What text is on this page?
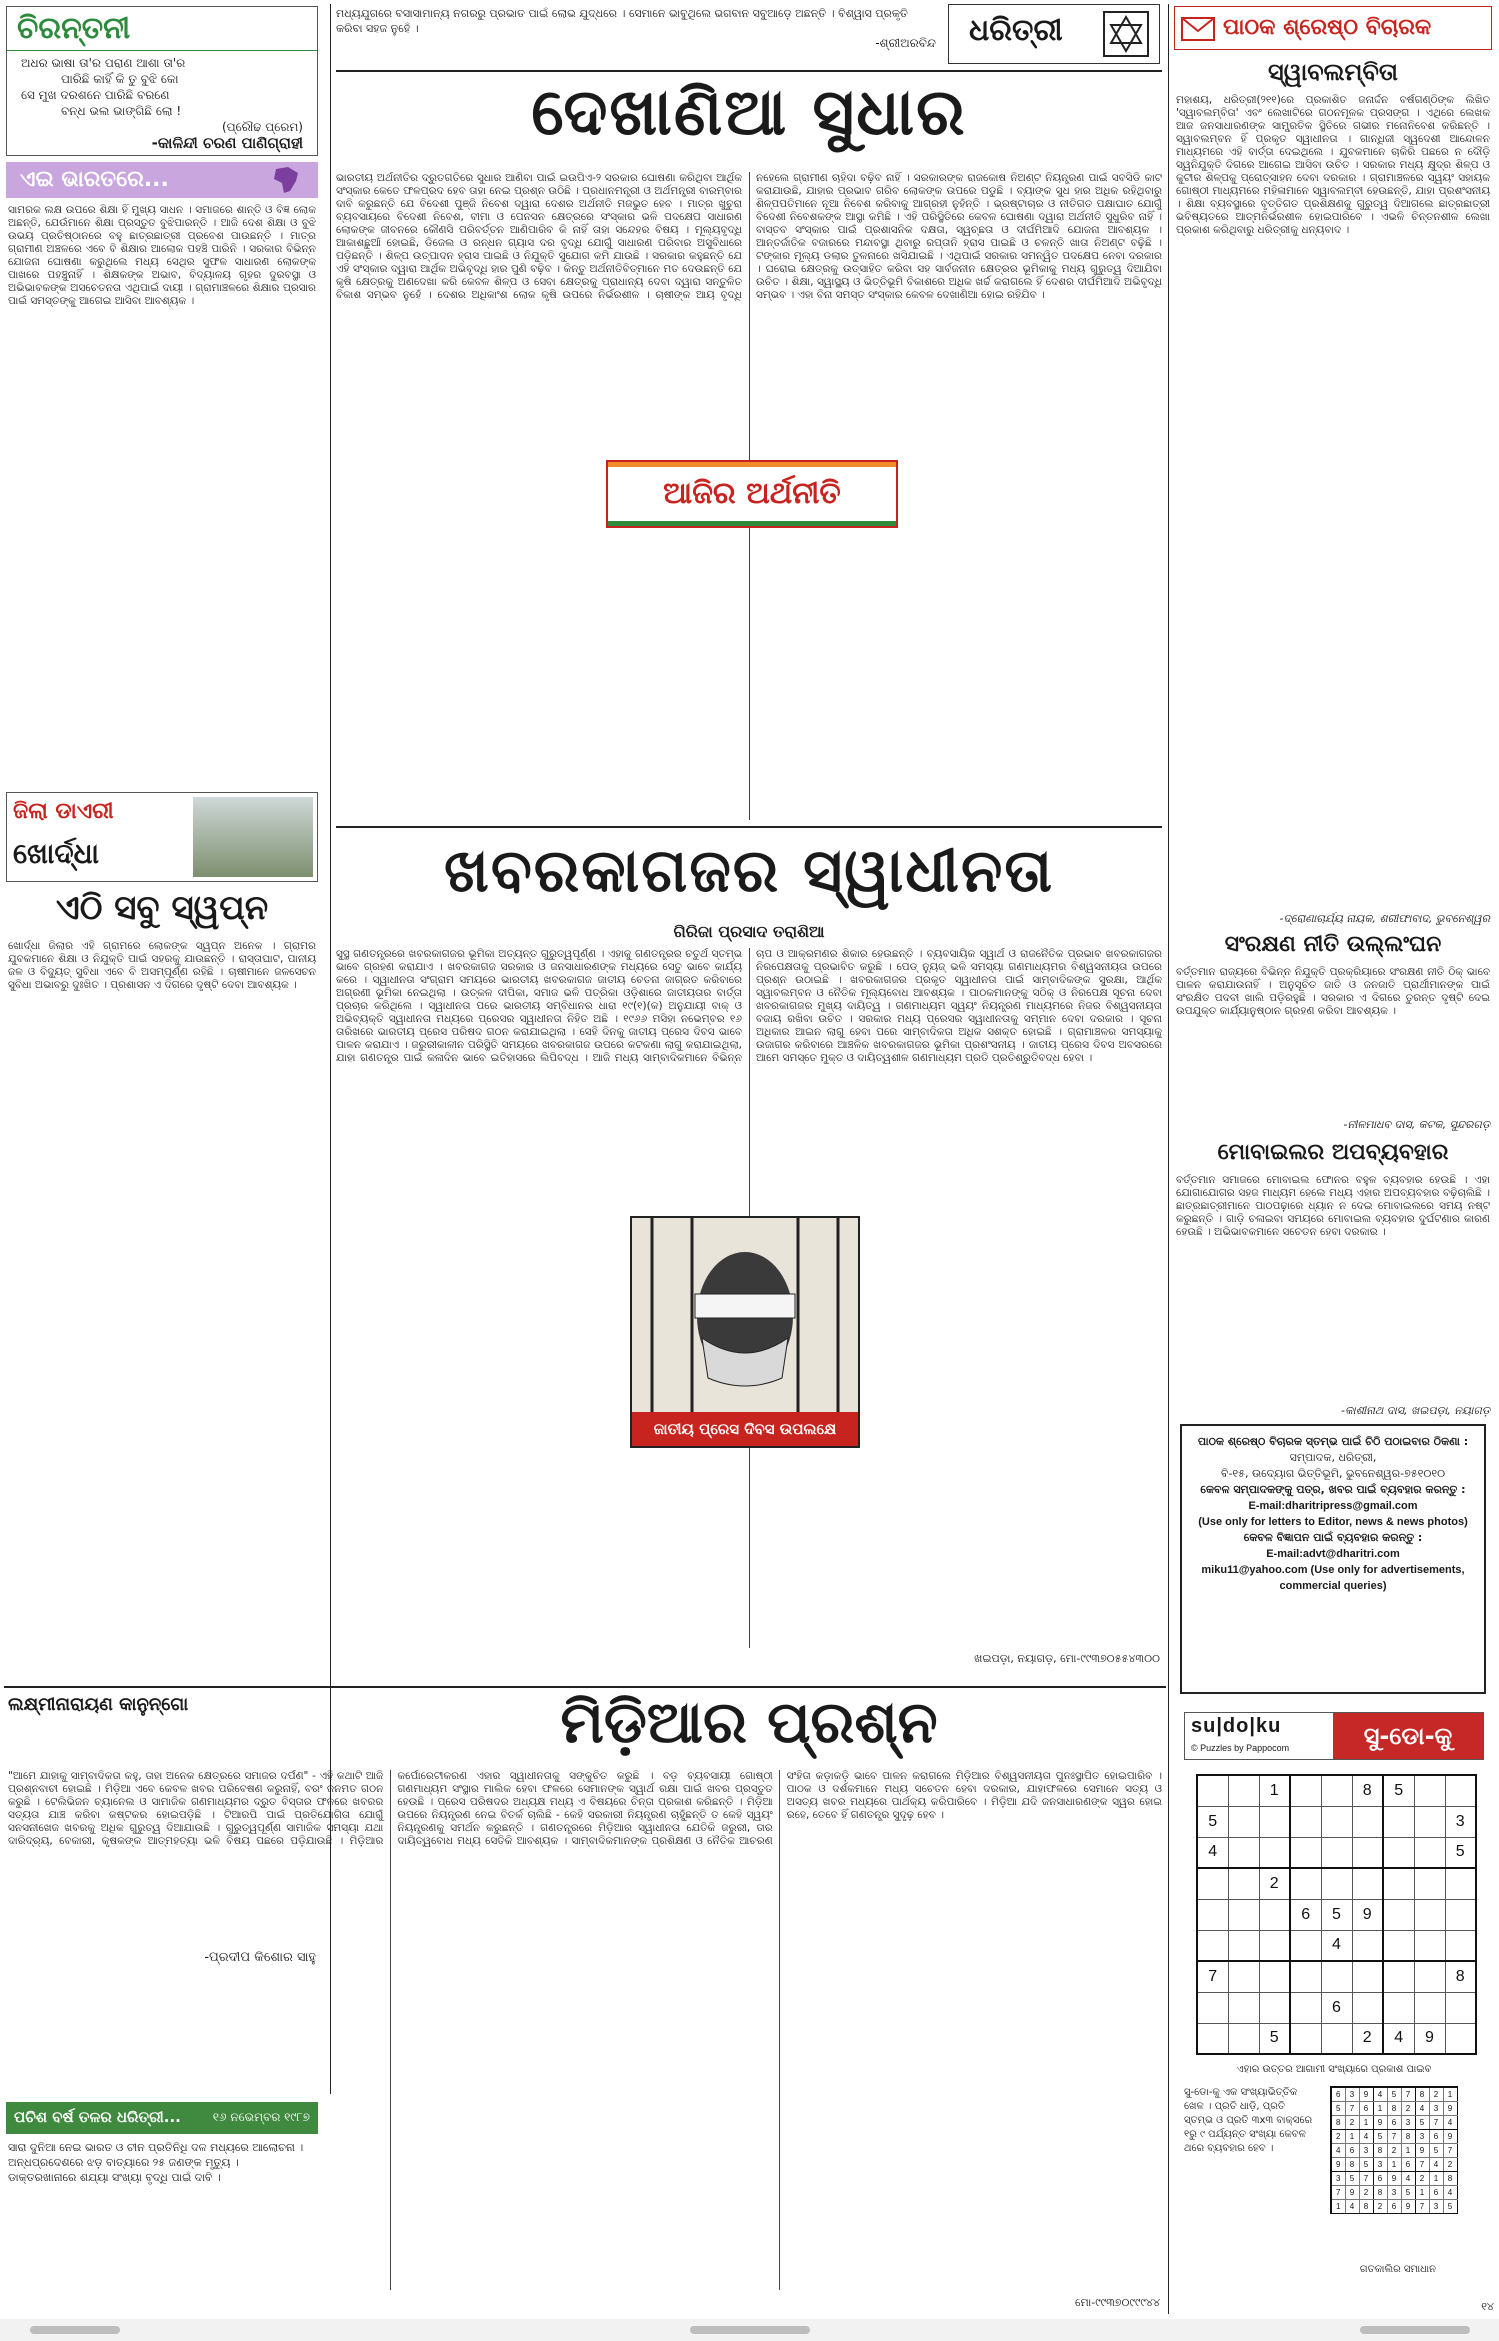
ଚିରନ୍ତନୀ
ଅଧର ଭାଷା ତା'ର ପରାଣ ଆଶା ତା'ର
ପାରିଛି କାହିଁ କି ତୁ ବୁଝି କୋ
ସେ ମୁଖ ଦରଶନେ ପାରିଛି ବରଣେ
ବନ୍ଧ ଭଲ ଭାଙ୍ଗିଛି ଲୋ !
(ପ୍ରୌଢ ପ୍ରେମ)
-କାଳିନ୍ଦୀ ଚରଣ ପାଣିଗ୍ରାହୀ
ଏଇ ଭାରତରେ...
ସାମରକ ଲକ୍ଷ ଉପରେ ଶିକ୍ଷା ହିଁ ମୁଖ୍ୟ ସାଧନ । ସମାଜରେ ଶାନ୍ତି ଓ ବିଜ୍ଞ ଲୋକ ଅଛନ୍ତି, ଯେଉଁମାନେ ଶିକ୍ଷା ପ୍ରସ୍ତୁତ ବୁଝିପାରନ୍ତି । ଆଜି ଦେଶ ଶିକ୍ଷା ଓ ବୁଝି ଉଭୟ ପ୍ରତିଷ୍ଠାନରେ ବହୁ ଛାତ୍ରଛାତ୍ରୀ ପ୍ରବେଶ ପାଉଛନ୍ତି । ମାତ୍ର ଗ୍ରାମୀଣ ଅଞ୍ଚଳରେ ଏବେ ବି ଶିକ୍ଷାର ଆଲୋକ ପହଞ୍ଚି ପାରିନି । ସରକାର ବିଭିନ୍ନ ଯୋଜନା ଘୋଷଣା କରୁଥିଲେ ମଧ୍ୟ ସେଥିର ସୁଫଳ ସାଧାରଣ ଲୋକଙ୍କ ପାଖରେ ପହଞ୍ଚୁନାହିଁ । ଶିକ୍ଷକଙ୍କ ଅଭାବ, ବିଦ୍ୟାଳୟ ଗୃହର ଦୁରବସ୍ଥା ଓ ଅଭିଭାବକଙ୍କ ଅସଚେତନତା ଏଥିପାଇଁ ଦାୟୀ । ଗ୍ରାମାଞ୍ଚଳରେ ଶିକ୍ଷାର ପ୍ରସାର ପାଇଁ ସମସ୍ତଙ୍କୁ ଆଗେଇ ଆସିବା ଆବଶ୍ୟକ ।
ଜିଲା ଡାଏରୀ
ଖୋର୍ଦ୍ଧା
ଏଠି ସବୁ ସ୍ୱପ୍ନ
ଖୋର୍ଦ୍ଧା ଜିଲାର ଏହି ଗ୍ରାମରେ ଲୋକଙ୍କ ସ୍ୱପ୍ନ ଅନେକ । ଗ୍ରାମର ଯୁବକମାନେ ଶିକ୍ଷା ଓ ନିଯୁକ୍ତି ପାଇଁ ସହରକୁ ଯାଉଛନ୍ତି । ରାସ୍ତାଘାଟ, ପାନୀୟ ଜଳ ଓ ବିଦ୍ୟୁତ୍ ସୁବିଧା ଏବେ ବି ଅସମ୍ପୂର୍ଣ୍ଣ ରହିଛି । ଚାଷୀମାନେ ଜଳସେଚନ ସୁବିଧା ଅଭାବରୁ ଦୁଃଖିତ । ପ୍ରଶାସନ ଏ ଦିଗରେ ଦୃଷ୍ଟି ଦେବା ଆବଶ୍ୟକ ।
-ପ୍ରଦୀପ କିଶୋର ସାହୁ
ପଚିଶ ବର୍ଷ ତଳର ଧରିତ୍ରୀ...	୧୬ ନଭେମ୍ବର ୧୯୮୭
ସାରା ଦୁନିଆ ନେଇ ଭାରତ ଓ ଚୀନ ପ୍ରତିନିଧି ଦଳ ମଧ୍ୟରେ ଆଲୋଚନା ।
ଅନ୍ଧପ୍ରଦେଶରେ ଝଡ଼ ବାତ୍ୟାରେ ୨୫ ଜଣଙ୍କ ମୃତ୍ୟୁ ।
ଡାକ୍ତରଖାନାରେ ଶଯ୍ୟା ସଂଖ୍ୟା ବୃଦ୍ଧି ପାଇଁ ଦାବି ।
ମଧ୍ୟଯୁଗରେ ବସାସାମାନ୍ୟ ନଗରରୁ ପ୍ରଭାତ ପାଇଁ ଲୋଭ ଯୁଦ୍ଧରେ । ସେମାନେ ଭାବୁଥିଲେ ଭଗବାନ ସବୁଆଡ଼େ ଅଛନ୍ତି । ବିଶ୍ୱାସ ପ୍ରକୃତି କରିବା ସହଜ ନୁହେଁ ।
-ଶ୍ରୀଅରବିନ୍ଦ ଧରିତ୍ରୀ
ଦେଖାଣିଆ ସୁଧାର
ଭାରତୀୟ ଅର୍ଥନୀତିର ଦ୍ରୁତଗତିରେ ସୁଧାର ଆଣିବା ପାଇଁ ଇଉପିଏ-୨ ସରକାର ଘୋଷଣା କରିଥିବା ଆର୍ଥିକ ସଂସ୍କାର କେତେ ଫଳପ୍ରଦ ହେବ ତାହା ନେଇ ପ୍ରଶ୍ନ ଉଠିଛି । ପ୍ରଧାନମନ୍ତ୍ରୀ ଓ ଅର୍ଥମନ୍ତ୍ରୀ ବାରମ୍ବାର ଦାବି କରୁଛନ୍ତି ଯେ ବିଦେଶୀ ପୁଞ୍ଜି ନିବେଶ ଦ୍ୱାରା ଦେଶର ଅର୍ଥନୀତି ମଜଭୁତ ହେବ । ମାତ୍ର ଖୁଚୁରା ବ୍ୟବସାୟରେ ବିଦେଶୀ ନିବେଶ, ବୀମା ଓ ପେନସନ କ୍ଷେତ୍ରରେ ସଂସ୍କାର ଭଳି ପଦକ୍ଷେପ ସାଧାରଣ ଲୋକଙ୍କ ଜୀବନରେ କୌଣସି ପରିବର୍ତ୍ତନ ଆଣିପାରିବ କି ନାହିଁ ତାହା ସନ୍ଦେହର ବିଷୟ । ମୂଲ୍ୟବୃଦ୍ଧି ଆକାଶଛୁଆଁ ହୋଇଛି, ଡିଜେଲ ଓ ରନ୍ଧନ ଗ୍ୟାସ ଦର ବୃଦ୍ଧି ଯୋଗୁଁ ସାଧାରଣ ପରିବାର ଅସୁବିଧାରେ ପଡ଼ିଛନ୍ତି । ଶିଳ୍ପ ଉତ୍ପାଦନ ହ୍ରାସ ପାଇଛି ଓ ନିଯୁକ୍ତି ସୁଯୋଗ କମି ଯାଉଛି । ସରକାର କହୁଛନ୍ତି ଯେ ଏହି ସଂସ୍କାର ଦ୍ୱାରା ଆର୍ଥିକ ଅଭିବୃଦ୍ଧି ହାର ପୁଣି ବଢ଼ିବ । କିନ୍ତୁ ଅର୍ଥନୀତିବିତ୍‌ମାନେ ମତ ଦେଉଛନ୍ତି ଯେ କୃଷି କ୍ଷେତ୍ରକୁ ଅଣଦେଖା କରି କେବଳ ଶିଳ୍ପ ଓ ସେବା କ୍ଷେତ୍ରକୁ ପ୍ରାଧାନ୍ୟ ଦେବା ଦ୍ୱାରା ସନ୍ତୁଳିତ ବିକାଶ ସମ୍ଭବ ନୁହେଁ । ଦେଶର ଅଧିକାଂଶ ଲୋକ କୃଷି ଉପରେ ନିର୍ଭରଶୀଳ । ଚାଷୀଙ୍କ ଆୟ ବୃଦ୍ଧି ନହେଲେ ଗ୍ରାମୀଣ ଚାହିଦା ବଢ଼ିବ ନାହିଁ । ସରକାରଙ୍କ ରାଜକୋଷ ନିଅଣ୍ଟ ନିୟନ୍ତ୍ରଣ ପାଇଁ ସବସିଡି କାଟ କରାଯାଉଛି, ଯାହାର ପ୍ରଭାବ ଗରିବ ଲୋକଙ୍କ ଉପରେ ପଡୁଛି । ବ୍ୟାଙ୍କ ସୁଧ ହାର ଅଧିକ ରହିଥିବାରୁ ଶିଳ୍ପପତିମାନେ ନୂଆ ନିବେଶ କରିବାକୁ ଆଗ୍ରହୀ ନୁହଁନ୍ତି । ଭ୍ରଷ୍ଟାଚାର ଓ ନୀତିଗତ ପକ୍ଷାଘାତ ଯୋଗୁଁ ବିଦେଶୀ ନିବେଶକଙ୍କ ଆସ୍ଥା କମିଛି । ଏହି ପରିସ୍ଥିତିରେ କେବଳ ଘୋଷଣା ଦ୍ୱାରା ଅର୍ଥନୀତି ସୁଧୁରିବ ନାହିଁ । ବାସ୍ତବ ସଂସ୍କାର ପାଇଁ ପ୍ରଶାସନିକ ଦକ୍ଷତା, ସ୍ୱଚ୍ଛତା ଓ ଦୀର୍ଘମିଆଦି ଯୋଜନା ଆବଶ୍ୟକ । ଆନ୍ତର୍ଜାତିକ ବଜାରରେ ମନ୍ଦାବସ୍ଥା ଥିବାରୁ ରପ୍ତାନି ହ୍ରାସ ପାଇଛି ଓ ଚଳନ୍ତି ଖାତା ନିଅଣ୍ଟ ବଢ଼ିଛି । ଟଙ୍କାର ମୂଲ୍ୟ ଡଲାର ତୁଳନାରେ ଖସିଯାଇଛି । ଏଥିପାଇଁ ସରକାର ସମନ୍ୱିତ ପଦକ୍ଷେପ ନେବା ଦରକାର । ଘରୋଇ କ୍ଷେତ୍ରକୁ ଉତ୍ସାହିତ କରିବା ସହ ସାର୍ବଜନୀନ କ୍ଷେତ୍ରର ଭୂମିକାକୁ ମଧ୍ୟ ଗୁରୁତ୍ୱ ଦିଆଯିବା ଉଚିତ । ଶିକ୍ଷା, ସ୍ୱାସ୍ଥ୍ୟ ଓ ଭିତ୍ତିଭୂମି ବିକାଶରେ ଅଧିକ ଖର୍ଚ୍ଚ କରାଗଲେ ହିଁ ଦେଶର ଦୀର୍ଘମିଆଦି ଅଭିବୃଦ୍ଧି ସମ୍ଭବ । ଏହା ବିନା ସମସ୍ତ ସଂସ୍କାର କେବଳ ଦେଖାଣିଆ ହୋଇ ରହିଯିବ ।
ଆଜିର ଅର୍ଥନୀତି
ଖବରକାଗଜର ସ୍ୱାଧୀନତା
ଗିରିଜା ପ୍ରସାଦ ତରାଶିଆ
ସୁସ୍ଥ ଗଣତନ୍ତ୍ରରେ ଖବରକାଗଜର ଭୂମିକା ଅତ୍ୟନ୍ତ ଗୁରୁତ୍ୱପୂର୍ଣ୍ଣ । ଏହାକୁ ଗଣତନ୍ତ୍ରର ଚତୁର୍ଥ ସ୍ତମ୍ଭ ଭାବେ ଗ୍ରହଣ କରାଯାଏ । ଖବରକାଗଜ ସରକାର ଓ ଜନସାଧାରଣଙ୍କ ମଧ୍ୟରେ ସେତୁ ଭାବେ କାର୍ଯ୍ୟ କରେ । ସ୍ୱାଧୀନତା ସଂଗ୍ରାମ ସମୟରେ ଭାରତୀୟ ଖବରକାଗଜ ଜାତୀୟ ଚେତନା ଜାଗ୍ରତ କରିବାରେ ଅଗ୍ରଣୀ ଭୂମିକା ନେଇଥିଲା । ଉତ୍କଳ ଦୀପିକା, ସମାଜ ଭଳି ପତ୍ରିକା ଓଡ଼ିଶାରେ ଜାତୀୟତାର ବାର୍ତ୍ତା ପ୍ରଚାର କରିଥିଲେ । ସ୍ୱାଧୀନତା ପରେ ଭାରତୀୟ ସମ୍ବିଧାନର ଧାରା ୧୯(୧)(କ) ଅନୁଯାୟୀ ବାକ୍ ଓ ଅଭିବ୍ୟକ୍ତି ସ୍ୱାଧୀନତା ମଧ୍ୟରେ ପ୍ରେସର ସ୍ୱାଧୀନତା ନିହିତ ଅଛି । ୧୯୬୬ ମସିହା ନଭେମ୍ବର ୧୬ ତାରିଖରେ ଭାରତୀୟ ପ୍ରେସ ପରିଷଦ ଗଠନ କରାଯାଇଥିଲା । ସେହି ଦିନକୁ ଜାତୀୟ ପ୍ରେସ ଦିବସ ଭାବେ ପାଳନ କରାଯାଏ । ଜରୁରୀକାଳୀନ ପରିସ୍ଥିତି ସମୟରେ ଖବରକାଗଜ ଉପରେ କଟକଣା ଲାଗୁ କରାଯାଇଥିଲା, ଯାହା ଗଣତନ୍ତ୍ର ପାଇଁ କଳାଦିନ ଭାବେ ଇତିହାସରେ ଲିପିବଦ୍ଧ । ଆଜି ମଧ୍ୟ ସାମ୍ବାଦିକମାନେ ବିଭିନ୍ନ ଚାପ ଓ ଆକ୍ରମଣର ଶିକାର ହେଉଛନ୍ତି । ବ୍ୟବସାୟିକ ସ୍ୱାର୍ଥ ଓ ରାଜନୈତିକ ପ୍ରଭାବ ଖବରକାଗଜର ନିରପେକ୍ଷତାକୁ ପ୍ରଭାବିତ କରୁଛି । ପେଡ୍ ନ୍ୟୁଜ୍ ଭଳି ସମସ୍ୟା ଗଣମାଧ୍ୟମର ବିଶ୍ୱସନୀୟତା ଉପରେ ପ୍ରଶ୍ନ ଉଠାଇଛି । ଖବରକାଗଜର ପ୍ରକୃତ ସ୍ୱାଧୀନତା ପାଇଁ ସାମ୍ବାଦିକଙ୍କ ସୁରକ୍ଷା, ଆର୍ଥିକ ସ୍ୱାବଲମ୍ବନ ଓ ନୈତିକ ମୂଲ୍ୟବୋଧ ଆବଶ୍ୟକ । ପାଠକମାନଙ୍କୁ ସଠିକ୍ ଓ ନିରପେକ୍ଷ ସୂଚନା ଦେବା ଖବରକାଗଜର ମୁଖ୍ୟ ଦାୟିତ୍ୱ । ଗଣମାଧ୍ୟମ ସ୍ୱୟଂ ନିୟନ୍ତ୍ରଣ ମାଧ୍ୟମରେ ନିଜର ବିଶ୍ୱସନୀୟତା ବଜାୟ ରଖିବା ଉଚିତ । ସରକାର ମଧ୍ୟ ପ୍ରେସର ସ୍ୱାଧୀନତାକୁ ସମ୍ମାନ ଦେବା ଦରକାର । ସୂଚନା ଅଧିକାର ଆଇନ ଲାଗୁ ହେବା ପରେ ସାମ୍ବାଦିକତା ଅଧିକ ସଶକ୍ତ ହୋଇଛି । ଗ୍ରାମାଞ୍ଚଳର ସମସ୍ୟାକୁ ଉଜାଗର କରିବାରେ ଆଞ୍ଚଳିକ ଖବରକାଗଜର ଭୂମିକା ପ୍ରଶଂସନୀୟ । ଜାତୀୟ ପ୍ରେସ ଦିବସ ଅବସରରେ ଆମେ ସମସ୍ତେ ମୁକ୍ତ ଓ ଦାୟିତ୍ୱଶୀଳ ଗଣମାଧ୍ୟମ ପ୍ରତି ପ୍ରତିଶ୍ରୁତିବଦ୍ଧ ହେବା ।
ଜାତୀୟ ପ୍ରେସ ଦିବସ ଉପଲକ୍ଷେ
ଖଇପଡ଼ା, ନୟାଗଡ଼, ମୋ-୯୯୩୭୦୫୫୪୩୦୦
ଲକ୍ଷ୍ମୀନାରାୟଣ କାନୁନ୍‌ଗୋ	ମିଡ଼ିଆର ପ୍ରଶ୍ନ
"ଆମେ ଯାହାକୁ ସାମ୍ବାଦିକତା କହୁ, ତାହା ଅନେକ କ୍ଷେତ୍ରରେ ସମାଜର ଦର୍ପଣ" - ଏହି କଥାଟି ଆଜି ପ୍ରଶ୍ନବାଚୀ ହୋଇଛି । ମିଡ଼ିଆ ଏବେ କେବଳ ଖବର ପରିବେଷଣ କରୁନାହିଁ, ବରଂ ଜନମତ ଗଠନ କରୁଛି । ଟେଲିଭିଜନ ଚ୍ୟାନେଲ ଓ ସାମାଜିକ ଗଣମାଧ୍ୟମର ଦ୍ରୁତ ବିସ୍ତାର ଫଳରେ ଖବରର ସତ୍ୟତା ଯାଞ୍ଚ କରିବା କଷ୍ଟକର ହୋଇପଡ଼ିଛି । ଟିଆରପି ପାଇଁ ପ୍ରତିଯୋଗିତା ଯୋଗୁଁ ସନସନୀଖେଜ ଖବରକୁ ଅଧିକ ଗୁରୁତ୍ୱ ଦିଆଯାଉଛି । ଗୁରୁତ୍ୱପୂର୍ଣ୍ଣ ସାମାଜିକ ସମସ୍ୟା ଯଥା ଦାରିଦ୍ର୍ୟ, ବେକାରୀ, କୃଷକଙ୍କ ଆତ୍ମହତ୍ୟା ଭଳି ବିଷୟ ପଛରେ ପଡ଼ିଯାଉଛି । ମିଡ଼ିଆର କର୍ପୋରେଟୀକରଣ ଏହାର ସ୍ୱାଧୀନତାକୁ ସଙ୍କୁଚିତ କରୁଛି । ବଡ଼ ବ୍ୟବସାୟୀ ଗୋଷ୍ଠୀ ଗଣମାଧ୍ୟମ ସଂସ୍ଥାର ମାଲିକ ହେବା ଫଳରେ ସେମାନଙ୍କ ସ୍ୱାର୍ଥ ରକ୍ଷା ପାଇଁ ଖବର ପ୍ରସ୍ତୁତ ହେଉଛି । ପ୍ରେସ ପରିଷଦର ଅଧ୍ୟକ୍ଷ ମଧ୍ୟ ଏ ବିଷୟରେ ଚିନ୍ତା ପ୍ରକାଶ କରିଛନ୍ତି । ମିଡ଼ିଆ ଉପରେ ନିୟନ୍ତ୍ରଣ ନେଇ ବିତର୍କ ଚାଲିଛି - କେହି ସରକାରୀ ନିୟନ୍ତ୍ରଣ ଚାହୁଁଛନ୍ତି ତ କେହି ସ୍ୱୟଂ ନିୟନ୍ତ୍ରଣକୁ ସମର୍ଥନ କରୁଛନ୍ତି । ଗଣତନ୍ତ୍ରରେ ମିଡ଼ିଆର ସ୍ୱାଧୀନତା ଯେତିକି ଜରୁରୀ, ତାର ଦାୟିତ୍ୱବୋଧ ମଧ୍ୟ ସେତିକି ଆବଶ୍ୟକ । ସାମ୍ବାଦିକମାନଙ୍କ ପ୍ରଶିକ୍ଷଣ ଓ ନୈତିକ ଆଚରଣ ସଂହିତା କଡ଼ାକଡ଼ି ଭାବେ ପାଳନ କରାଗଲେ ମିଡ଼ିଆର ବିଶ୍ୱସନୀୟତା ପୁନଃସ୍ଥାପିତ ହୋଇପାରିବ । ପାଠକ ଓ ଦର୍ଶକମାନେ ମଧ୍ୟ ସଚେତନ ହେବା ଦରକାର, ଯାହାଫଳରେ ସେମାନେ ସତ୍ୟ ଓ ଅସତ୍ୟ ଖବର ମଧ୍ୟରେ ପାର୍ଥକ୍ୟ କରିପାରିବେ । ମିଡ଼ିଆ ଯଦି ଜନସାଧାରଣଙ୍କ ସ୍ୱର ହୋଇ ରହେ, ତେବେ ହିଁ ଗଣତନ୍ତ୍ର ସୁଦୃଢ଼ ହେବ ।
ମୋ-୯୯୩୭୦୯୯୯୪୪
ପାଠକ ଶ୍ରେଷ୍ଠ ବିଚାରକ
ସ୍ୱାବଲମ୍ବିତା
ମହାଶୟ, ଧରିତ୍ରୀ(୨୧୧)ରେ ପ୍ରକାଶିତ ଜନାର୍ଦ୍ଦନ ବର୍ଷଗଣ୍ଠିଙ୍କ ଲିଖିତ 'ସ୍ୱାବଲମ୍ବିତା' ଏବଂ ଲେଖାଟିରେ ଗଠନମୂଳକ ପ୍ରସଙ୍ଗ । ଏଥିରେ ଲେଖକ ଆଜ ଜନସାଧାରଣଙ୍କ ସାମ୍ପ୍ରତିକ ସ୍ଥିତିରେ ଗଭୀର ମନୋନିବେଶ କରିଛନ୍ତି । ସ୍ୱାବଲମ୍ବନ ହିଁ ପ୍ରକୃତ ସ୍ୱାଧୀନତା । ଗାନ୍ଧିଜୀ ସ୍ୱଦେଶୀ ଆନ୍ଦୋଳନ ମାଧ୍ୟମରେ ଏହି ବାର୍ତ୍ତା ଦେଇଥିଲେ । ଯୁବକମାନେ ଚାକିରି ପଛରେ ନ ଦୌଡ଼ି ସ୍ୱନିଯୁକ୍ତି ଦିଗରେ ଆଗେଇ ଆସିବା ଉଚିତ । ସରକାର ମଧ୍ୟ କ୍ଷୁଦ୍ର ଶିଳ୍ପ ଓ କୁଟୀର ଶିଳ୍ପକୁ ପ୍ରୋତ୍ସାହନ ଦେବା ଦରକାର । ଗ୍ରାମାଞ୍ଚଳରେ ସ୍ୱୟଂ ସହାୟକ ଗୋଷ୍ଠୀ ମାଧ୍ୟମରେ ମହିଳାମାନେ ସ୍ୱାବଲମ୍ବୀ ହେଉଛନ୍ତି, ଯାହା ପ୍ରଶଂସନୀୟ । ଶିକ୍ଷା ବ୍ୟବସ୍ଥାରେ ବୃତ୍ତିଗତ ପ୍ରଶିକ୍ଷଣକୁ ଗୁରୁତ୍ୱ ଦିଆଗଲେ ଛାତ୍ରଛାତ୍ରୀ ଭବିଷ୍ୟତରେ ଆତ୍ମନିର୍ଭରଶୀଳ ହୋଇପାରିବେ । ଏଭଳି ଚିନ୍ତନଶୀଳ ଲେଖା ପ୍ରକାଶ କରିଥିବାରୁ ଧରିତ୍ରୀକୁ ଧନ୍ୟବାଦ ।
-ଦ୍ରୋଣାଚାର୍ଯ୍ୟ ନାୟକ, ଶରୀଫାବାଦ, ଭୁବନେଶ୍ୱର
ସଂରକ୍ଷଣ ନୀତି ଉଲ୍ଲଂଘନ
ବର୍ତ୍ତମାନ ରାଜ୍ୟରେ ବିଭିନ୍ନ ନିଯୁକ୍ତି ପ୍ରକ୍ରିୟାରେ ସଂରକ୍ଷଣ ନୀତି ଠିକ୍ ଭାବେ ପାଳନ କରାଯାଉନାହିଁ । ଅନୁସୂଚିତ ଜାତି ଓ ଜନଜାତି ପ୍ରାର୍ଥୀମାନଙ୍କ ପାଇଁ ସଂରକ୍ଷିତ ପଦବୀ ଖାଲି ପଡ଼ିରହୁଛି । ସରକାର ଏ ଦିଗରେ ତୁରନ୍ତ ଦୃଷ୍ଟି ଦେଇ ଉପଯୁକ୍ତ କାର୍ଯ୍ୟାନୁଷ୍ଠାନ ଗ୍ରହଣ କରିବା ଆବଶ୍ୟକ ।
-ନୀଳମାଧବ ଦାସ, କଟକ, ସୁନ୍ଦରଗଡ଼
ମୋବାଇଲର ଅପବ୍ୟବହାର
ବର୍ତ୍ତମାନ ସମାଜରେ ମୋବାଇଲ ଫୋନର ବହୁଳ ବ୍ୟବହାର ହେଉଛି । ଏହା ଯୋଗାଯୋଗର ସହଜ ମାଧ୍ୟମ ହେଲେ ମଧ୍ୟ ଏହାର ଅପବ୍ୟବହାର ବଢ଼ିଚାଲିଛି । ଛାତ୍ରଛାତ୍ରୀମାନେ ପାଠପଢ଼ାରେ ଧ୍ୟାନ ନ ଦେଇ ମୋବାଇଲରେ ସମୟ ନଷ୍ଟ କରୁଛନ୍ତି । ଗାଡ଼ି ଚଳାଇବା ସମୟରେ ମୋବାଇଲ ବ୍ୟବହାର ଦୁର୍ଘଟଣାର କାରଣ ହେଉଛି । ଅଭିଭାବକମାନେ ସଚେତନ ହେବା ଦରକାର ।
-କାଶୀନାଥ ଦାସ, ଖଇପଡ଼ା, ନୟାଗଡ଼
ପାଠକ ଶ୍ରେଷ୍ଠ ବିଚାରକ ସ୍ତମ୍ଭ ପାଇଁ ଚିଠି ପଠାଇବାର ଠିକଣା :
ସମ୍ପାଦକ, ଧରିତ୍ରୀ,
ବି-୧୫, ଉଦ୍ୟୋଗ ଭିତ୍ତିଭୂମି, ଭୁବନେଶ୍ୱର-୭୫୧୦୧୦
କେବଳ ସମ୍ପାଦକଙ୍କୁ ପତ୍ର, ଖବର ପାଇଁ ବ୍ୟବହାର କରନ୍ତୁ :
E-mail:dharitripress@gmail.com
(Use only for letters to Editor, news & news photos)
କେବଳ ବିଜ୍ଞାପନ ପାଇଁ ବ୍ୟବହାର କରନ୍ତୁ :
E-mail:advt@dharitri.com
miku11@yahoo.com (Use only for advertisements, commercial queries)
su|do|ku
© Puzzles by Pappocom	ସୁ-ଡୋ-କୁ
		1			8	5		
5								3
4								5
		2						
			6	5	9			
				4				
7								8
				6				
		5			2	4	9	
ଏହାର ଉତ୍ତର ଆଗାମୀ ସଂଖ୍ୟାରେ ପ୍ରକାଶ ପାଇବ
ସୁ-ଡୋ-କୁ ଏକ ସଂଖ୍ୟାଭିତ୍ତିକ ଖେଳ । ପ୍ରତି ଧାଡ଼ି, ପ୍ରତି ସ୍ତମ୍ଭ ଓ ପ୍ରତି ୩x୩ ବାକ୍ସରେ ୧ରୁ ୯ ପର୍ଯ୍ୟନ୍ତ ସଂଖ୍ୟା କେବଳ ଥରେ ବ୍ୟବହାର ହେବ ।
ଗତକାଲିର ସମାଧାନ
6	3	9	4	5	7	8	2	1
5	7	6	1	8	2	4	3	9
8	2	1	9	6	3	5	7	4
2	1	4	5	7	8	3	6	9
4	6	3	8	2	1	9	5	7
9	8	5	3	1	6	7	4	2
3	5	7	6	9	4	2	1	8
7	9	2	8	3	5	1	6	4
1	4	8	2	6	9	7	3	5
୧୪
